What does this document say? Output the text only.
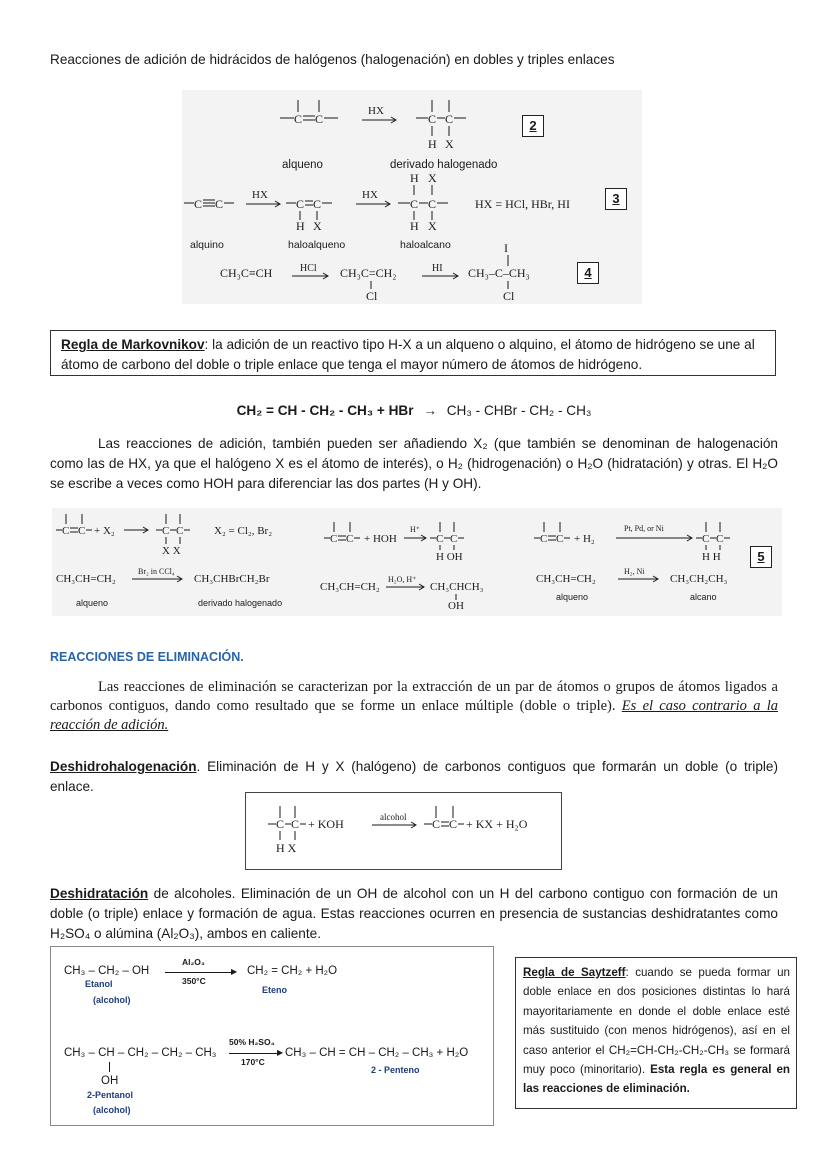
Reacciones de adición de hidrácidos de halógenos (halogenación) en dobles y triples enlaces
C C
HX
C C
H X
alqueno	derivado halogenado
C C
HX
C C
H X
HX
H X
C C
H X
HX = HCl, HBr, HI
alquino	haloalqueno	haloalcano
CH₃C≡CH	HCl CH₃C=CH₂
Cl
HI
I
CH₃–C–CH₃
Cl
2
3
4
Regla de Markovnikov: la adición de un reactivo tipo H-X a un alqueno o alquino, el átomo de hidrógeno se une al átomo de carbono del doble o triple enlace que tenga el mayor número de átomos de hidrógeno.
CH₂ = CH - CH₂ - CH₃ + HBr → CH₃ - CHBr - CH₂ - CH₃
Las reacciones de adición, también pueden ser añadiendo X₂ (que también se denominan de halogenación como las de HX, ya que el halógeno X es el átomo de interés), o H₂ (hidrogenación) o H₂O (hidratación) y otras. El H₂O se escribe a veces como HOH para diferenciar las dos partes (H y OH).
C C + X₂	C C
X X
X₂ = Cl₂, Br₂
CH₃CH=CH₂
Br₂ in CCl₄
CH₃CHBrCH₂Br
alqueno	derivado halogenado
C C + HOH
H⁺
C C
H OH
CH₃CH=CH₂
H₂O, H⁺
CH₃CHCH₃
OH
C C + H₂
Pt, Pd, or Ni
C C
H H
CH₃CH=CH₂
H₂, Ni
CH₃CH₂CH₃
alqueno	alcano
5
REACCIONES DE ELIMINACIÓN.
Las reacciones de eliminación se caracterizan por la extracción de un par de átomos o grupos de átomos ligados a carbonos contiguos, dando como resultado que se forme un enlace múltiple (doble o triple). Es el caso contrario a la reacción de adición.
Deshidrohalogenación. Eliminación de H y X (halógeno) de carbonos contiguos que formarán un doble (o triple) enlace.
C C
H X
+ KOH	alcohol C C + KX + H₂O
Deshidratación de alcoholes. Eliminación de un OH de alcohol con un H del carbono contiguo con formación de un doble (o triple) enlace y formación de agua. Estas reacciones ocurren en presencia de sustancias deshidratantes como H₂SO₄ o alúmina (Al₂O₃), ambos en caliente.
CH₃ – CH₂ – OH
Al₂O₃
▶
350°C
CH₂ = CH₂ + H₂O
Etanol
(alcohol)
Eteno
50% H₂SO₄
CH₃ – CH – CH₂ – CH₂ – CH₃	▶
170°C
CH₃ – CH = CH – CH₂ – CH₃ + H₂O
OH
2 - Penteno
2-Pentanol
(alcohol)
Regla de Saytzeff: cuando se pueda formar un doble enlace en dos posiciones distintas lo hará mayoritariamente en donde el doble enlace esté más sustituido (con menos hidrógenos), así en el caso anterior el CH₂=CH-CH₂-CH₂-CH₃ se formará muy poco (minoritario). Esta regla es general en las reacciones de eliminación.
